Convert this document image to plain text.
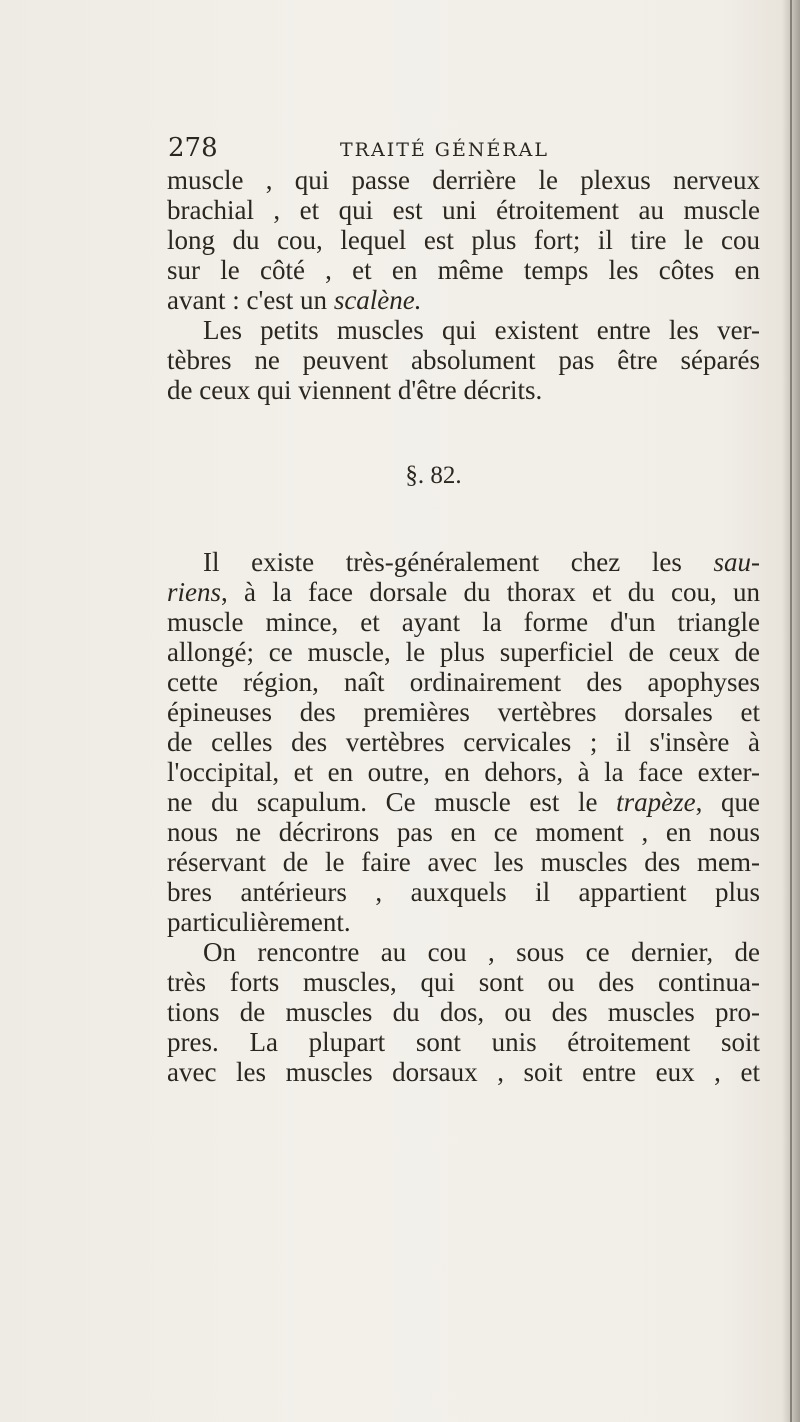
278	TRAITÉ GÉNÉRAL
muscle , qui passe derrière le plexus nerveux
brachial , et qui est uni étroitement au muscle
long du cou, lequel est plus fort; il tire le cou
sur le côté , et en même temps les côtes en
avant : c'est un scalène.
Les petits muscles qui existent entre les ver-
tèbres ne peuvent absolument pas être séparés
de ceux qui viennent d'être décrits.
§. 82.
Il existe très-généralement chez les sau-
riens, à la face dorsale du thorax et du cou, un
muscle mince, et ayant la forme d'un triangle
allongé; ce muscle, le plus superficiel de ceux de
cette région, naît ordinairement des apophyses
épineuses des premières vertèbres dorsales et
de celles des vertèbres cervicales ; il s'insère à
l'occipital, et en outre, en dehors, à la face exter-
ne du scapulum. Ce muscle est le trapèze, que
nous ne décrirons pas en ce moment , en nous
réservant de le faire avec les muscles des mem-
bres antérieurs , auxquels il appartient plus
particulièrement.
On rencontre au cou , sous ce dernier, de
très forts muscles, qui sont ou des continua-
tions de muscles du dos, ou des muscles pro-
pres. La plupart sont unis étroitement soit
avec les muscles dorsaux , soit entre eux , et
